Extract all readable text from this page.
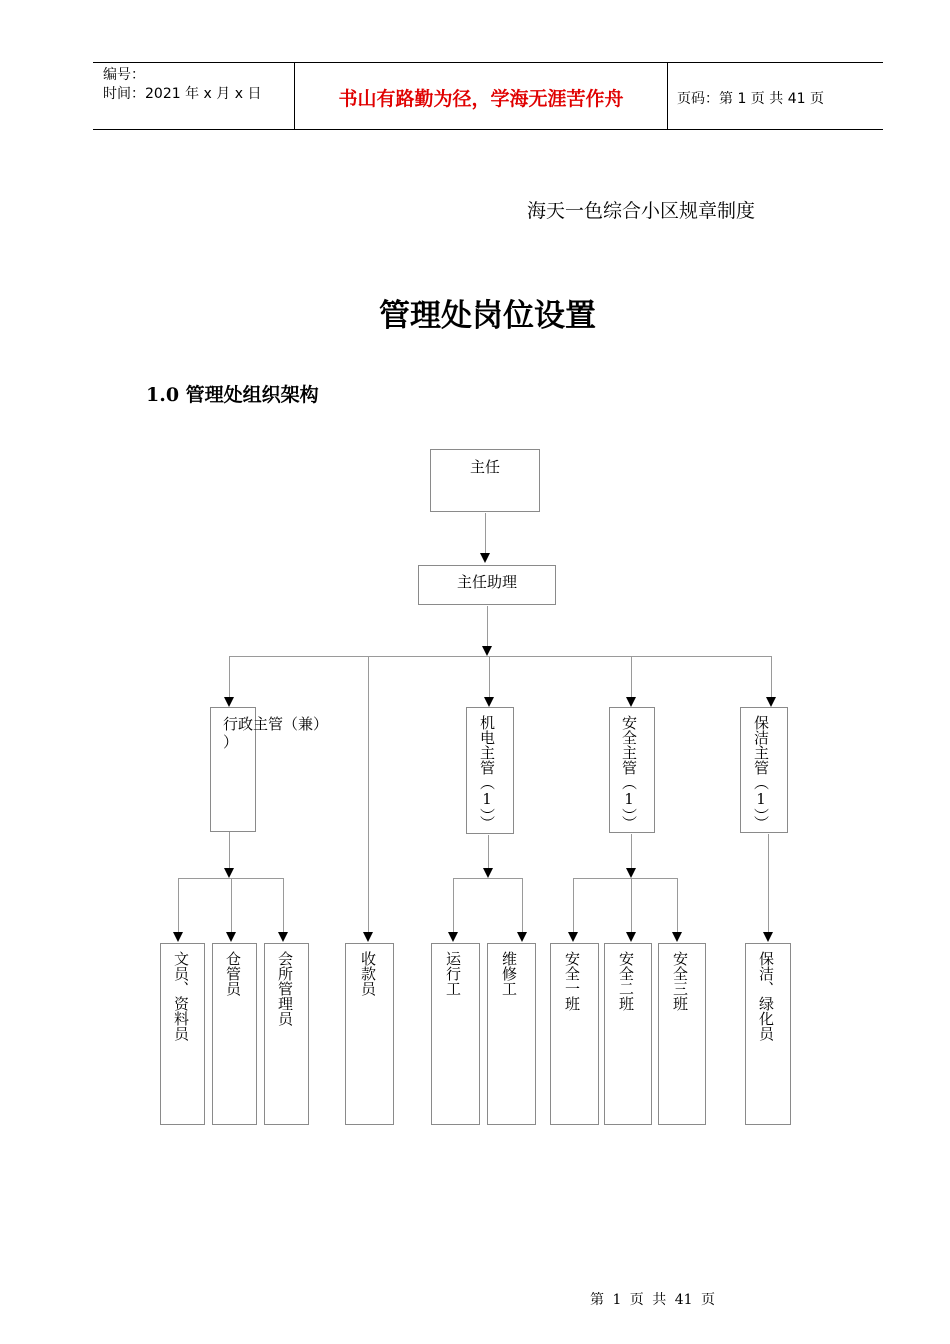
编号：
时间：2021 年 x 月 x 日	书山有路勤为径，学海无涯苦作舟	页码：第 1 页 共 41 页
海天一色综合小区规章制度
管理处岗位设置
1.0 管理处组织架构
主任
主任助理
行政主管（兼）
）	机电主管（1））	安全主管（1））	保洁主管（1））
文员、资料员 仓管员 会所管理员	收款员	运行工	维修工	安全一班 安全二班 安全三班	保洁、绿化员
第 1 页 共 41 页
